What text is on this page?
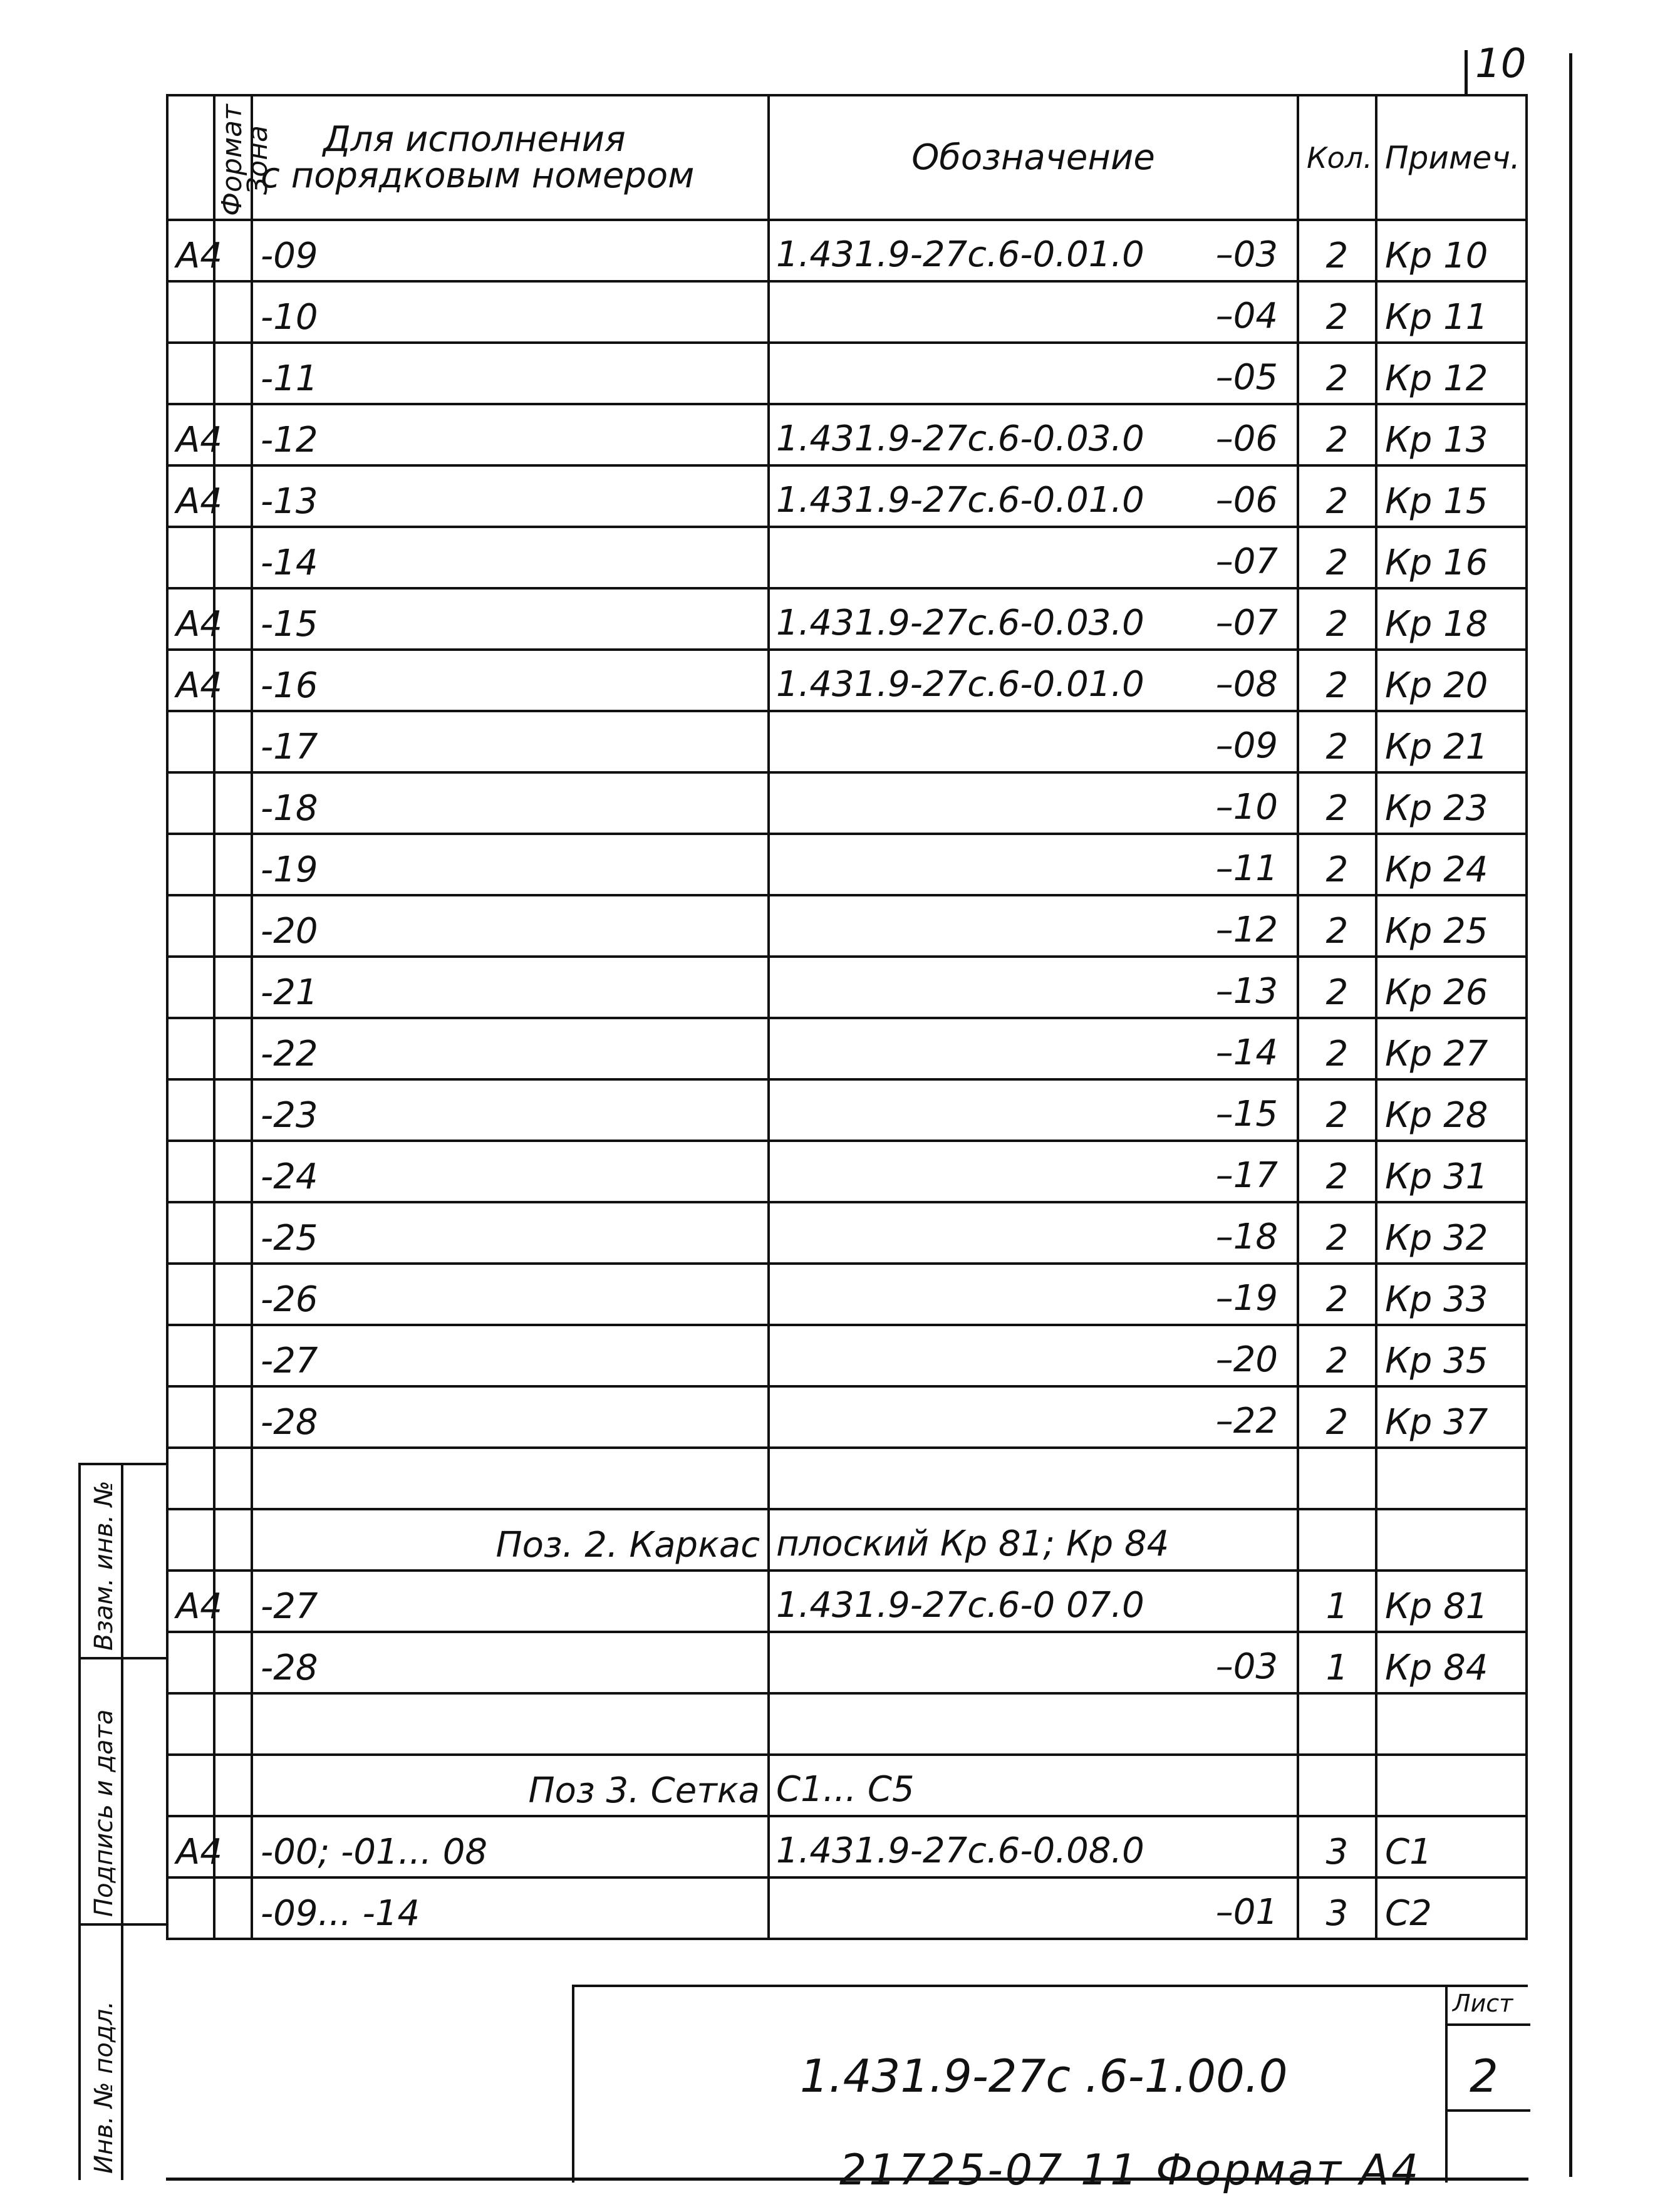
10
Формат	Зона	Для исполнения
с порядковым номером	Обозначение	Кол.	Примеч.
А4		-09	1.431.9-27с.6-0.01.0 –03	2	Кр 10
		-10	–04	2	Кр 11
		-11	–05	2	Кр 12
А4		-12	1.431.9-27с.6-0.03.0 –06	2	Кр 13
А4		-13	1.431.9-27с.6-0.01.0 –06	2	Кр 15
		-14	–07	2	Кр 16
А4		-15	1.431.9-27с.6-0.03.0 –07	2	Кр 18
А4		-16	1.431.9-27с.6-0.01.0 –08	2	Кр 20
		-17	–09	2	Кр 21
		-18	–10	2	Кр 23
		-19	–11	2	Кр 24
		-20	–12	2	Кр 25
		-21	–13	2	Кр 26
		-22	–14	2	Кр 27
		-23	–15	2	Кр 28
		-24	–17	2	Кр 31
		-25	–18	2	Кр 32
		-26	–19	2	Кр 33
		-27	–20	2	Кр 35
		-28	–22	2	Кр 37

		Поз. 2. Каркас	плоский Кр 81; Кр 84		

А4		-27	1.431.9-27с.6-0 07.0	1	Кр 81
		-28	–03	1	Кр 84

		Поз 3. Сетка	С1... С5		

А4		-00; -01... 08	1.431.9-27с.6-0.08.0	3	С1
		-09... -14	–01	3	С2
Взам. инв. №
Подпись и дата
Инв. № подл.	1.431.9-27с .6-1.00.0
Лист
2
21725-07 11 Формат А4
